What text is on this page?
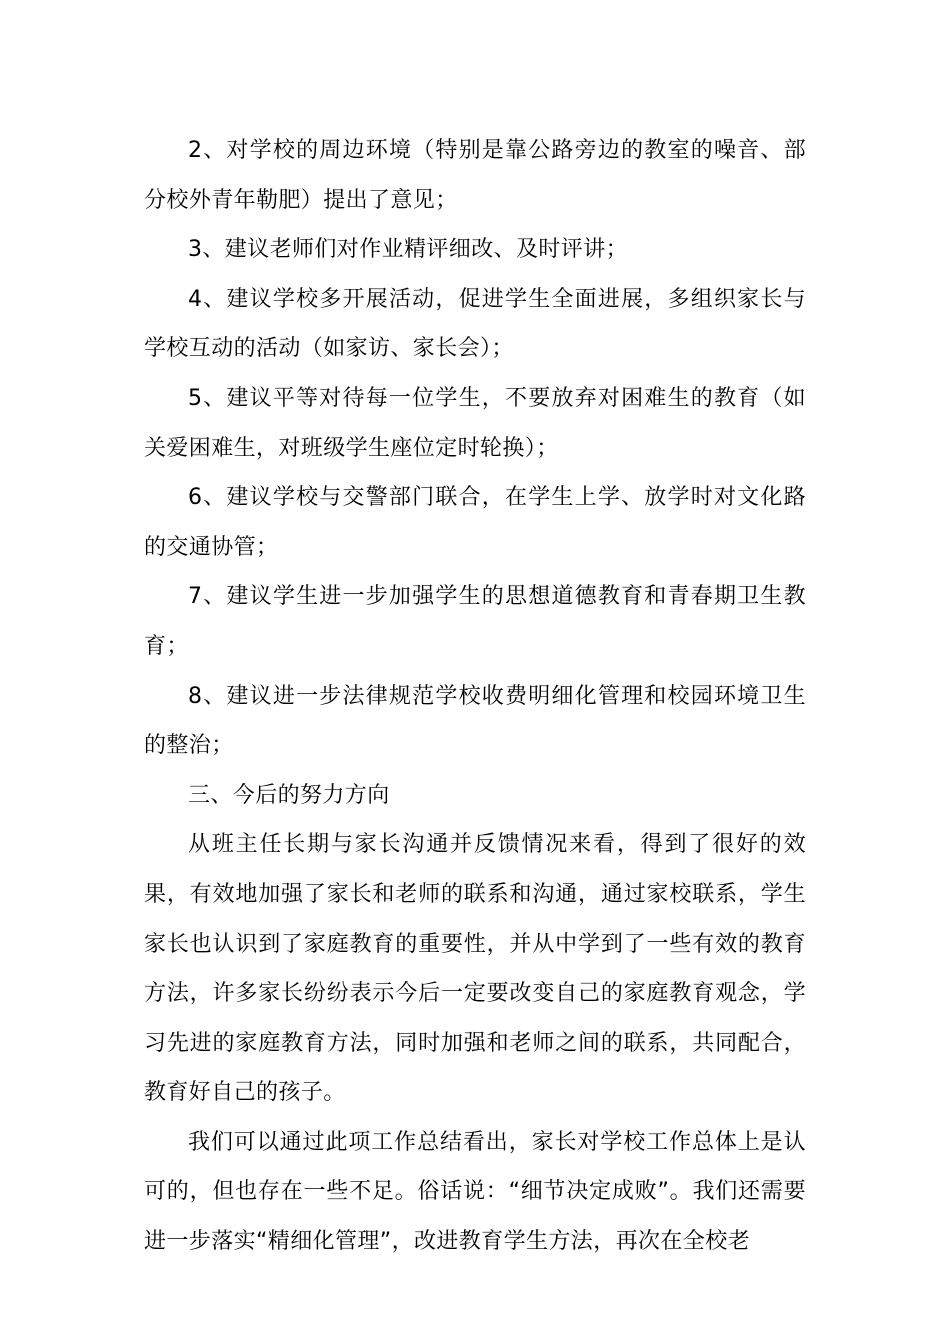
2、对学校的周边环境（特别是靠公路旁边的教室的噪音、部分校外青年勒肥）提出了意见；

3、建议老师们对作业精评细改、及时评讲；

4、建议学校多开展活动，促进学生全面进展，多组织家长与学校互动的活动（如家访、家长会）；

5、建议平等对待每一位学生，不要放弃对困难生的教育（如关爱困难生，对班级学生座位定时轮换）；

6、建议学校与交警部门联合，在学生上学、放学时对文化路的交通协管；

7、建议学生进一步加强学生的思想道德教育和青春期卫生教育；

8、建议进一步法律规范学校收费明细化管理和校园环境卫生的整治；

三、今后的努力方向

从班主任长期与家长沟通并反馈情况来看，得到了很好的效果，有效地加强了家长和老师的联系和沟通，通过家校联系，学生家长也认识到了家庭教育的重要性，并从中学到了一些有效的教育方法，许多家长纷纷表示今后一定要改变自己的家庭教育观念，学习先进的家庭教育方法，同时加强和老师之间的联系，共同配合，教育好自己的孩子。

我们可以通过此项工作总结看出，家长对学校工作总体上是认可的，但也存在一些不足。俗话说：“细节决定成败”。我们还需要进一步落实“精细化管理”，改进教育学生方法，再次在全校老
